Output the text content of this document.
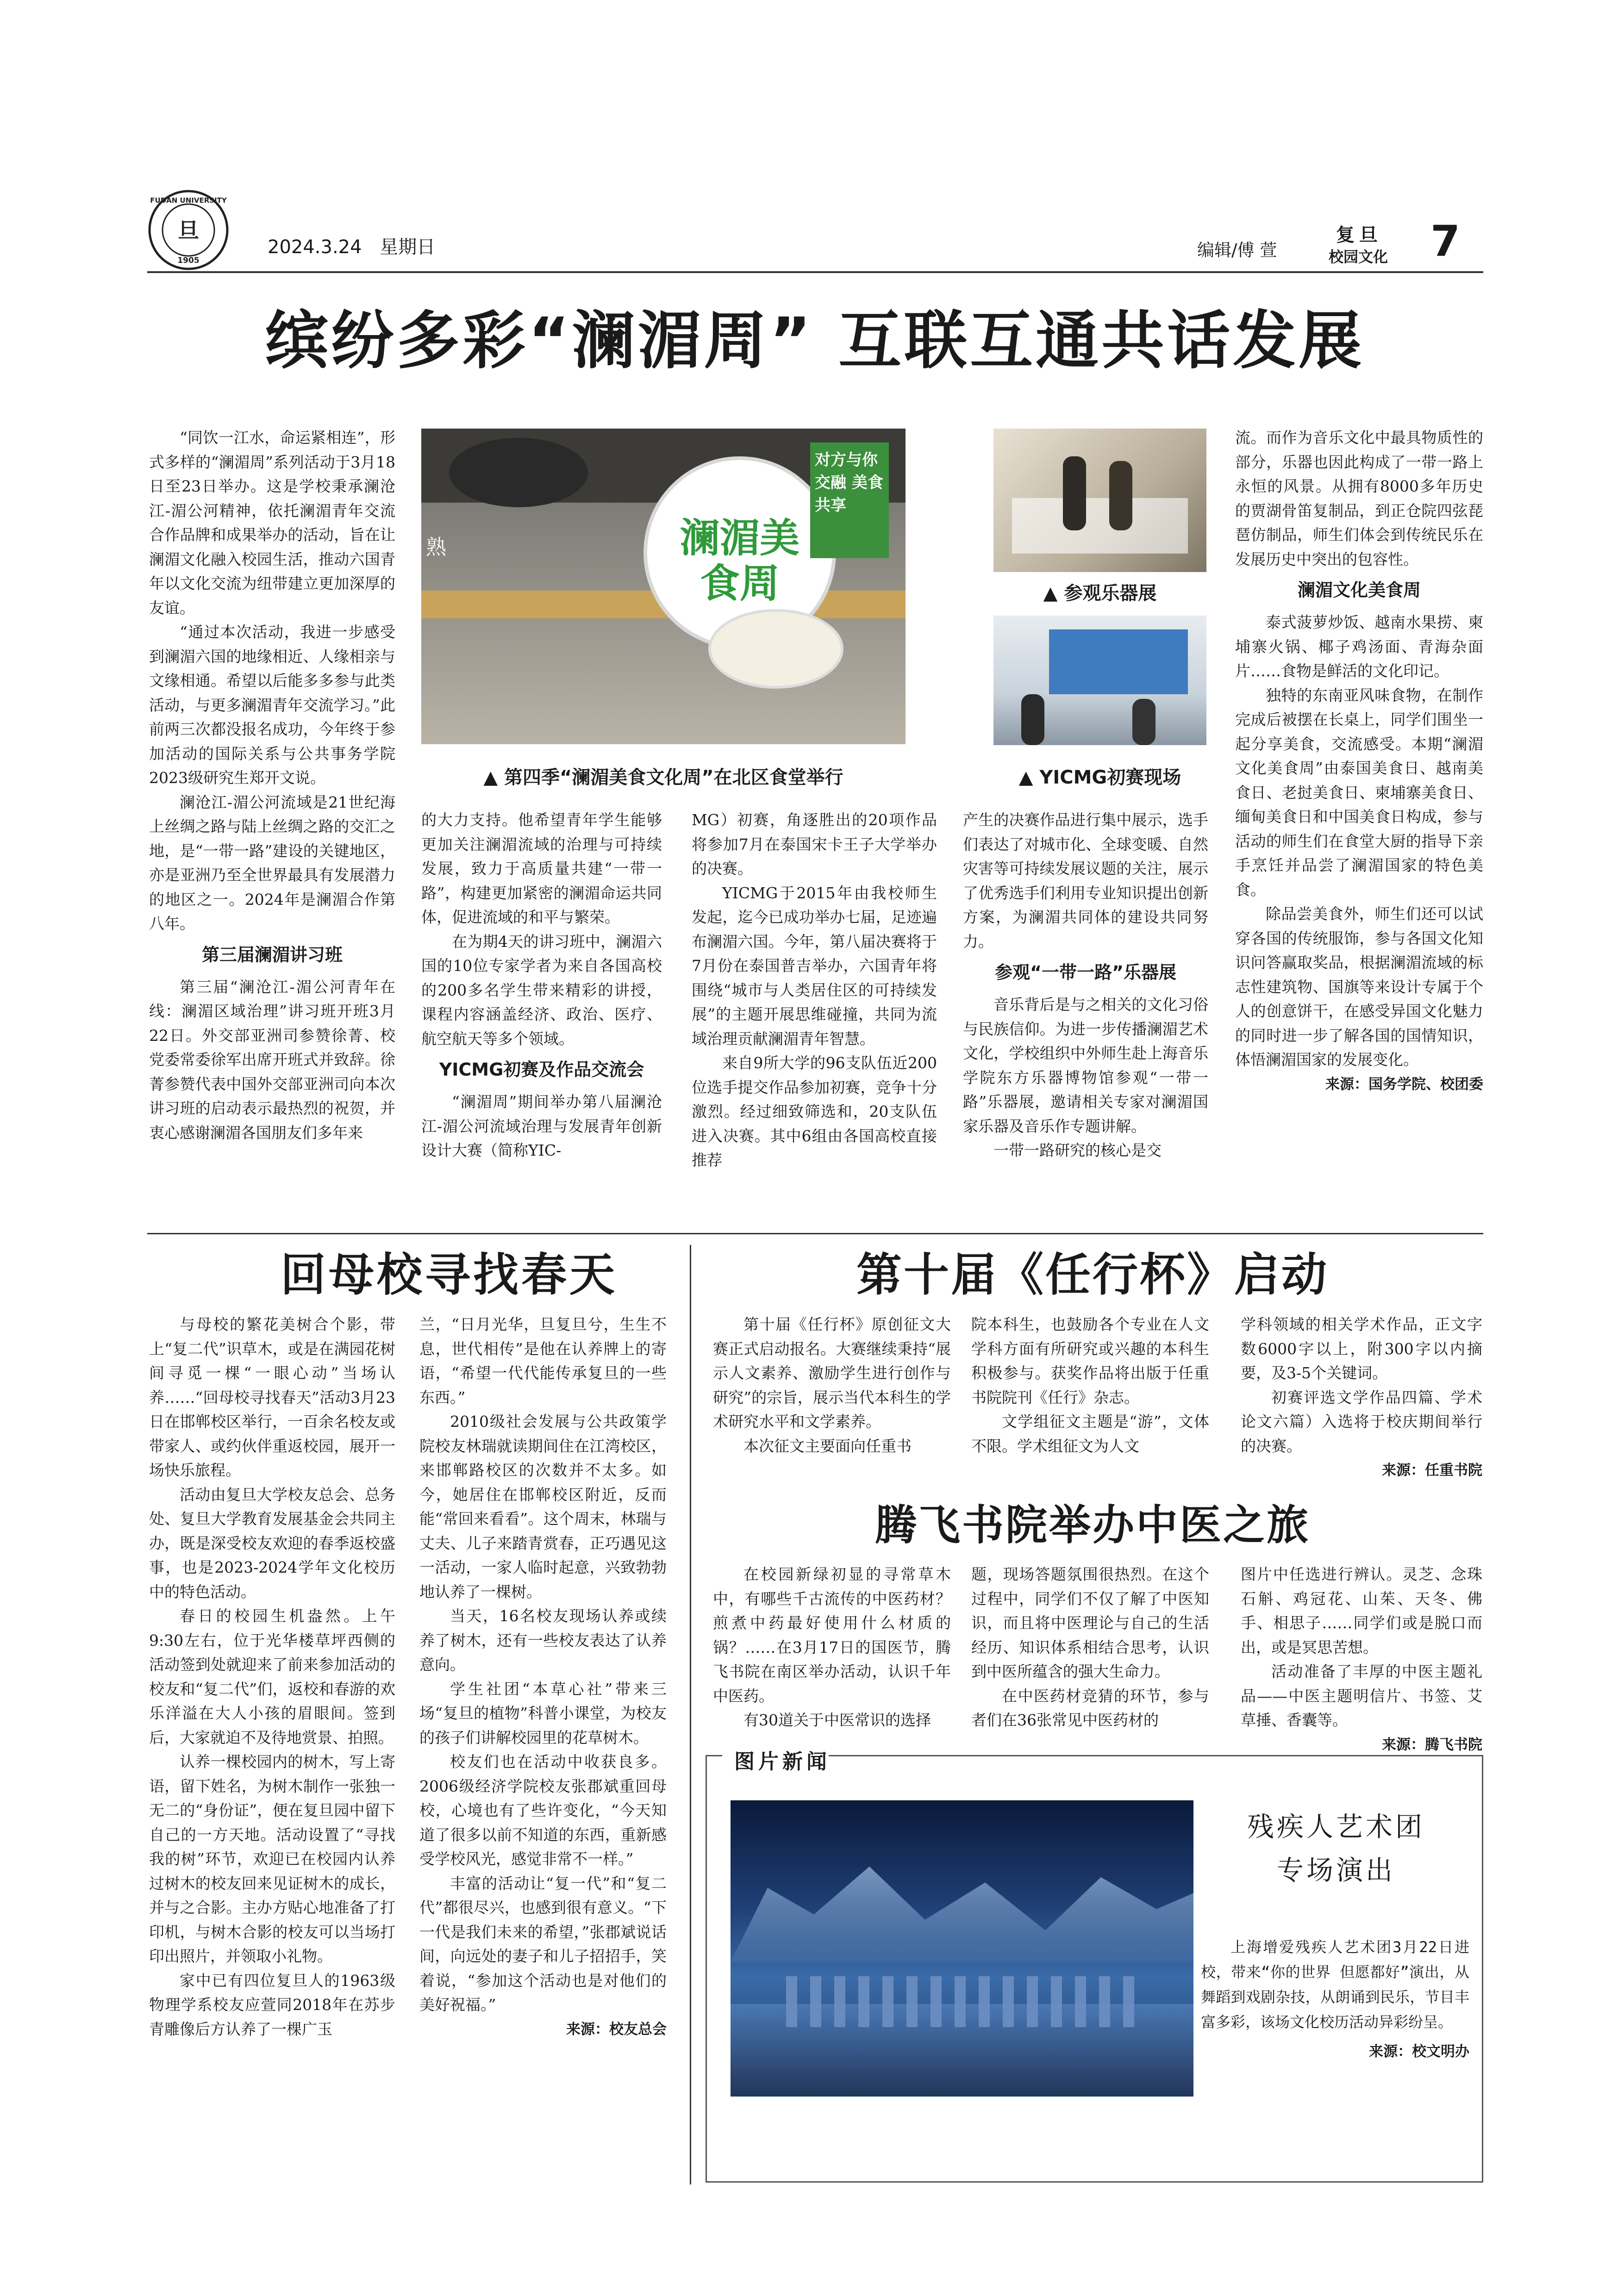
旦
1905
FUDAN UNIVERSITY
2024.3.24 星期日	编辑/傅 萱
复旦
校园文化 7
缤纷多彩“澜湄周” 互联互通共话发展

“同饮一江水，命运紧相连”，形式多样的“澜湄周”系列活动于3月18日至23日举办。这是学校秉承澜沧江-湄公河精神，依托澜湄青年交流合作品牌和成果举办的活动，旨在让澜湄文化融入校园生活，推动六国青年以文化交流为纽带建立更加深厚的友谊。

“通过本次活动，我进一步感受到澜湄六国的地缘相近、人缘相亲与文缘相通。希望以后能多多参与此类活动，与更多澜湄青年交流学习。”此前两三次都没报名成功，今年终于参加活动的国际关系与公共事务学院2023级研究生郑开文说。

澜沧江-湄公河流域是21世纪海上丝绸之路与陆上丝绸之路的交汇之地，是“一带一路”建设的关键地区，亦是亚洲乃至全世界最具有发展潜力的地区之一。2024年是澜湄合作第八年。

第三届澜湄讲习班

第三届“澜沧江-湄公河青年在线：澜湄区域治理”讲习班开班3月22日。外交部亚洲司参赞徐菁、校党委常委徐军出席开班式并致辞。徐菁参赞代表中国外交部亚洲司向本次讲习班的启动表示最热烈的祝贺，并衷心感谢澜湄各国朋友们多年来

澜湄美食周
对方与你交融 美食共享
熟
▲ 第四季“澜湄美食文化周”在北区食堂举行
▲ 参观乐器展
▲ YICMG初赛现场

的大力支持。他希望青年学生能够更加关注澜湄流域的治理与可持续发展，致力于高质量共建“一带一路”，构建更加紧密的澜湄命运共同体，促进流域的和平与繁荣。

在为期4天的讲习班中，澜湄六国的10位专家学者为来自各国高校的200多名学生带来精彩的讲授，课程内容涵盖经济、政治、医疗、航空航天等多个领域。

YICMG初赛及作品交流会

“澜湄周”期间举办第八届澜沧江-湄公河流域治理与发展青年创新设计大赛（简称YIC-

MG）初赛，角逐胜出的20项作品将参加7月在泰国宋卡王子大学举办的决赛。

YICMG于2015年由我校师生发起，迄今已成功举办七届，足迹遍布澜湄六国。今年，第八届决赛将于7月份在泰国普吉举办，六国青年将围绕“城市与人类居住区的可持续发展”的主题开展思维碰撞，共同为流域治理贡献澜湄青年智慧。

来自9所大学的96支队伍近200位选手提交作品参加初赛，竞争十分激烈。经过细致筛选和，20支队伍进入决赛。其中6组由各国高校直接推荐

产生的决赛作品进行集中展示，选手们表达了对城市化、全球变暖、自然灾害等可持续发展议题的关注，展示了优秀选手们利用专业知识提出创新方案，为澜湄共同体的建设共同努力。

参观“一带一路”乐器展

音乐背后是与之相关的文化习俗与民族信仰。为进一步传播澜湄艺术文化，学校组织中外师生赴上海音乐学院东方乐器博物馆参观“一带一路”乐器展，邀请相关专家对澜湄国家乐器及音乐作专题讲解。

一带一路研究的核心是交

流。而作为音乐文化中最具物质性的部分，乐器也因此构成了一带一路上永恒的风景。从拥有8000多年历史的贾湖骨笛复制品，到正仓院四弦琵琶仿制品，师生们体会到传统民乐在发展历史中突出的包容性。

澜湄文化美食周

泰式菠萝炒饭、越南水果捞、柬埔寨火锅、椰子鸡汤面、青海杂面片……食物是鲜活的文化印记。

独特的东南亚风味食物，在制作完成后被摆在长桌上，同学们围坐一起分享美食，交流感受。本期“澜湄文化美食周”由泰国美食日、越南美食日、老挝美食日、柬埔寨美食日、缅甸美食日和中国美食日构成，参与活动的师生们在食堂大厨的指导下亲手烹饪并品尝了澜湄国家的特色美食。

除品尝美食外，师生们还可以试穿各国的传统服饰，参与各国文化知识问答赢取奖品，根据澜湄流域的标志性建筑物、国旗等来设计专属于个人的创意饼干，在感受异国文化魅力的同时进一步了解各国的国情知识，体悟澜湄国家的发展变化。

来源：国务学院、校团委

回母校寻找春天

与母校的繁花美树合个影，带上“复二代”识草木，或是在满园花树间寻觅一棵“一眼心动”当场认养……“回母校寻找春天”活动3月23日在邯郸校区举行，一百余名校友或带家人、或约伙伴重返校园，展开一场快乐旅程。

活动由复旦大学校友总会、总务处、复旦大学教育发展基金会共同主办，既是深受校友欢迎的春季返校盛事，也是2023-2024学年文化校历中的特色活动。

春日的校园生机盎然。上午9:30左右，位于光华楼草坪西侧的活动签到处就迎来了前来参加活动的校友和“复二代”们，返校和春游的欢乐洋溢在大人小孩的眉眼间。签到后，大家就迫不及待地赏景、拍照。

认养一棵校园内的树木，写上寄语，留下姓名，为树木制作一张独一无二的“身份证”，便在复旦园中留下自己的一方天地。活动设置了“寻找我的树”环节，欢迎已在校园内认养过树木的校友回来见证树木的成长，并与之合影。主办方贴心地准备了打印机，与树木合影的校友可以当场打印出照片，并领取小礼物。

家中已有四位复旦人的1963级物理学系校友应萱同2018年在苏步青雕像后方认养了一棵广玉

兰，“日月光华，旦复旦兮，生生不息，世代相传”是他在认养牌上的寄语，“希望一代代能传承复旦的一些东西。”

2010级社会发展与公共政策学院校友林瑞就读期间住在江湾校区，来邯郸路校区的次数并不太多。如今，她居住在邯郸校区附近，反而能“常回来看看”。这个周末，林瑞与丈夫、儿子来踏青赏春，正巧遇见这一活动，一家人临时起意，兴致勃勃地认养了一棵树。

当天，16名校友现场认养或续养了树木，还有一些校友表达了认养意向。

学生社团“本草心社”带来三场“复旦的植物”科普小课堂，为校友的孩子们讲解校园里的花草树木。

校友们也在活动中收获良多。2006级经济学院校友张郡斌重回母校，心境也有了些许变化，“今天知道了很多以前不知道的东西，重新感受学校风光，感觉非常不一样。”

丰富的活动让“复一代”和“复二代”都很尽兴，也感到很有意义。“下一代是我们未来的希望，”张郡斌说话间，向远处的妻子和儿子招招手，笑着说，“参加这个活动也是对他们的美好祝福。”

来源：校友总会

第十届《任行杯》启动

第十届《任行杯》原创征文大赛正式启动报名。大赛继续秉持“展示人文素养、激励学生进行创作与研究”的宗旨，展示当代本科生的学术研究水平和文学素养。

本次征文主要面向任重书

院本科生，也鼓励各个专业在人文学科方面有所研究或兴趣的本科生积极参与。获奖作品将出版于任重书院院刊《任行》杂志。

文学组征文主题是“游”，文体不限。学术组征文为人文

学科领域的相关学术作品，正文字数6000字以上，附300字以内摘要，及3-5个关键词。

初赛评选文学作品四篇、学术论文六篇）入选将于校庆期间举行的决赛。

来源：任重书院

腾飞书院举办中医之旅

在校园新绿初显的寻常草木中，有哪些千古流传的中医药材？煎煮中药最好使用什么材质的锅？……在3月17日的国医节，腾飞书院在南区举办活动，认识千年中医药。

有30道关于中医常识的选择

题，现场答题氛围很热烈。在这个过程中，同学们不仅了解了中医知识，而且将中医理论与自己的生活经历、知识体系相结合思考，认识到中医所蕴含的强大生命力。

在中医药材竞猜的环节，参与者们在36张常见中医药材的

图片中任选进行辨认。灵芝、念珠石斛、鸡冠花、山茱、天冬、佛手、相思子……同学们或是脱口而出，或是冥思苦想。

活动准备了丰厚的中医主题礼品——中医主题明信片、书签、艾草捶、香囊等。

来源：腾飞书院

图片新闻
残疾人艺术团
专场演出
上海增爱残疾人艺术团3月22日进校，带来“你的世界 但愿都好”演出，从舞蹈到戏剧杂技，从朗诵到民乐，节目丰富多彩，该场文化校历活动异彩纷呈。
来源：校文明办
